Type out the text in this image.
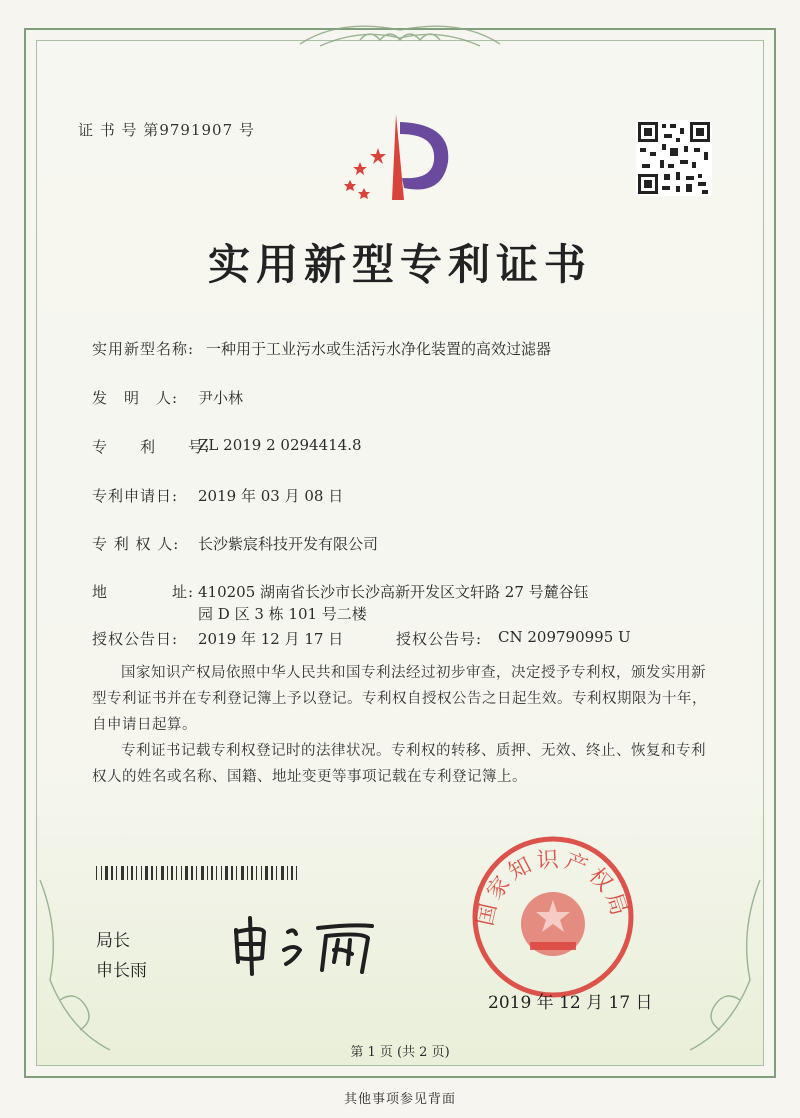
证 书 号 第9791907 号
实用新型专利证书
实用新型名称: 一种用于工业污水或生活污水净化装置的高效过滤器
发　明　人: 尹小林
专　　利　　号:
ZL 2019 2 0294414.8
专利申请日: 2019 年 03 月 08 日
专 利 权 人: 长沙紫宸科技开发有限公司
地　　　　址: 410205 湖南省长沙市长沙高新开发区文轩路 27 号麓谷钰
园 D 区 3 栋 101 号二楼
授权公告日: 2019 年 12 月 17 日	授权公告号: CN 209790995 U
国家知识产权局依照中华人民共和国专利法经过初步审查，决定授予专利权，颁发实用新型专利证书并在专利登记簿上予以登记。专利权自授权公告之日起生效。专利权期限为十年，自申请日起算。
专利证书记载专利权登记时的法律状况。专利权的转移、质押、无效、终止、恢复和专利权人的姓名或名称、国籍、地址变更等事项记载在专利登记簿上。
局长
申长雨
国家知识产权局
2019 年 12 月 17 日
第 1 页 (共 2 页)
其他事项参见背面
